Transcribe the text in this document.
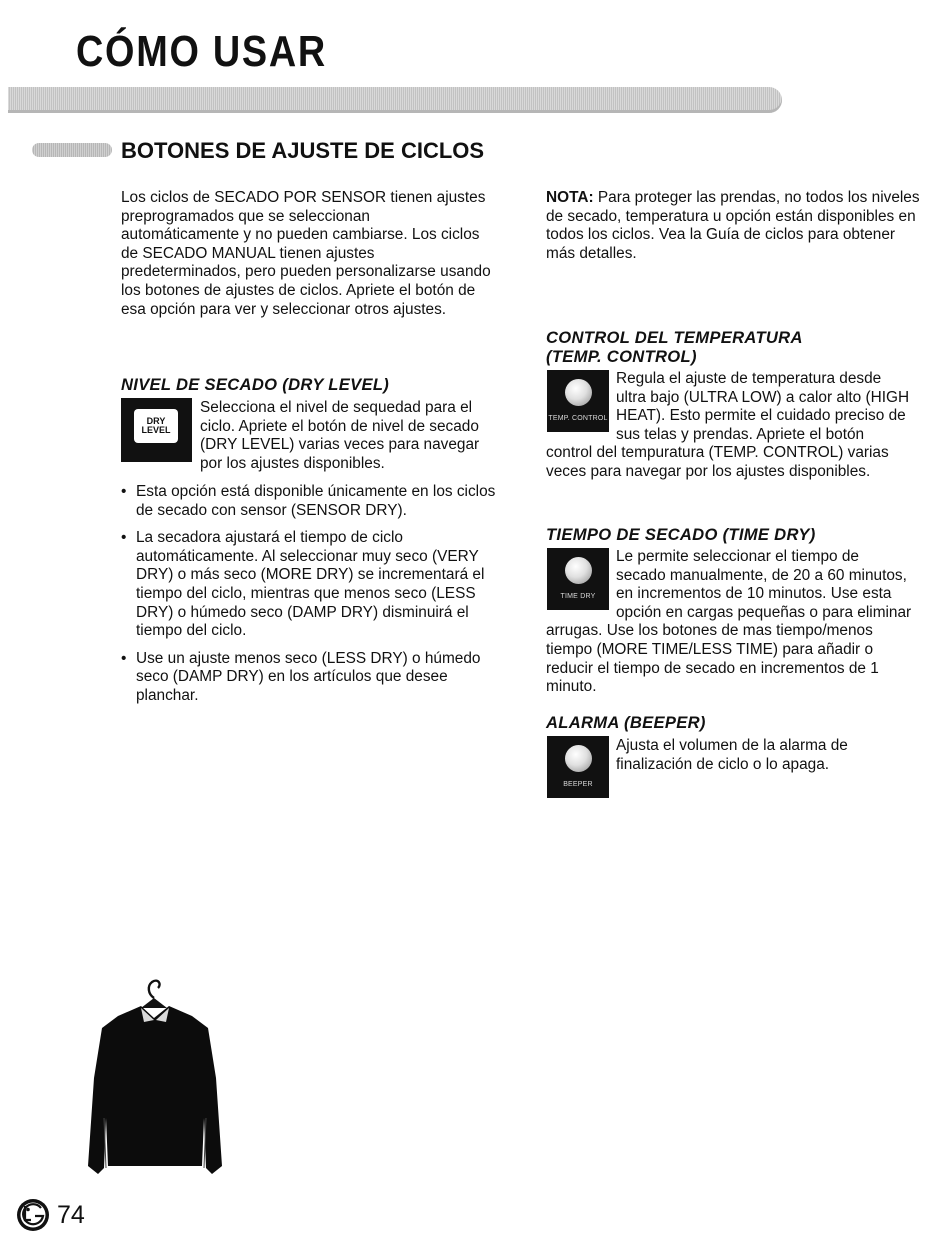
CÓMO USAR
BOTONES DE AJUSTE DE CICLOS
Los ciclos de SECADO POR SENSOR tienen ajustes preprogramados que se seleccionan automáticamente y no pueden cambiarse. Los ciclos de SECADO MANUAL tienen ajustes predeterminados, pero pueden personalizarse usando los botones de ajustes de ciclos. Apriete el botón de esa opción para ver y seleccionar otros ajustes.
NIVEL DE SECADO (DRY LEVEL)
DRY
LEVEL
Selecciona el nivel de sequedad para el ciclo. Apriete el botón de nivel de secado (DRY LEVEL) varias veces para navegar por los ajustes disponibles.
• Esta opción está disponible únicamente en los ciclos de secado con sensor (SENSOR DRY).
• La secadora ajustará el tiempo de ciclo automáticamente. Al seleccionar muy seco (VERY DRY) o más seco (MORE DRY) se incrementará el tiempo del ciclo, mientras que menos seco (LESS DRY) o húmedo seco (DAMP DRY) disminuirá el tiempo del ciclo.
• Use un ajuste menos seco (LESS DRY) o húmedo seco (DAMP DRY) en los artículos que desee planchar.
NOTA: Para proteger las prendas, no todos los niveles de secado, temperatura u opción están disponibles en todos los ciclos. Vea la Guía de ciclos para obtener más detalles.
CONTROL DEL TEMPERATURA
(TEMP. CONTROL)
Regula el ajuste de temperatura desde ultra bajo (ULTRA LOW) a calor alto (HIGH HEAT). Esto permite el cuidado preciso de sus telas y prendas. Apriete el botón control del tempuratura (TEMP. CONTROL) varias veces para navegar por los ajustes disponibles.
TEMP. CONTROL
TIEMPO DE SECADO (TIME DRY)
Le permite seleccionar el tiempo de secado manualmente, de 20 a 60 minutos, en incrementos de 10 minutos. Use esta opción en cargas pequeñas o para eliminar arrugas. Use los botones de mas tiempo/menos tiempo (MORE TIME/LESS TIME) para añadir o reducir el tiempo de secado en incrementos de 1 minuto.
TIME DRY
ALARMA (BEEPER)
BEEPER
Ajusta el volumen de la alarma de finalización de ciclo o lo apaga.
74
